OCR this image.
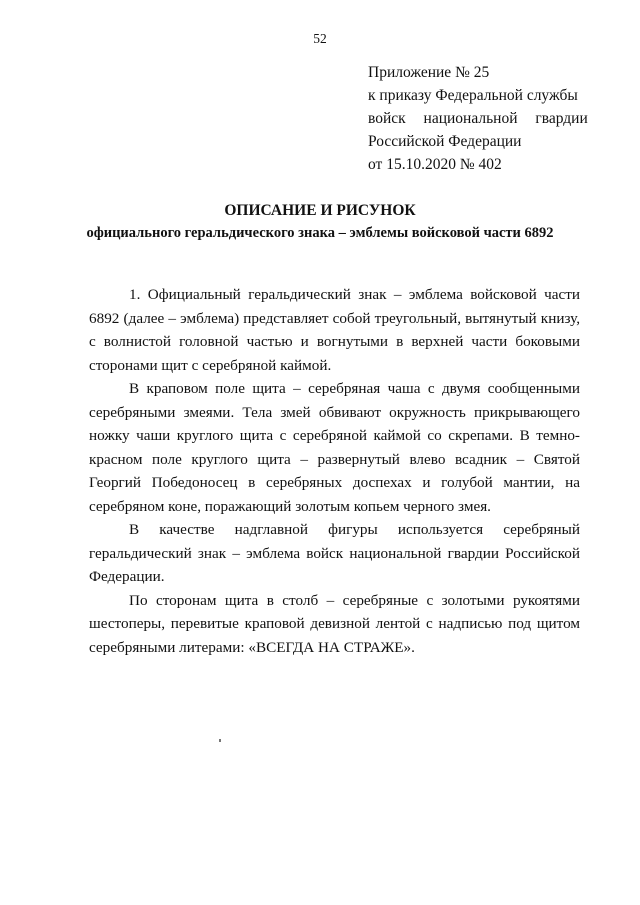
52
Приложение № 25
к приказу Федеральной службы
войск национальной гвардии
Российской Федерации
от 15.10.2020 № 402
ОПИСАНИЕ И РИСУНОК
официального геральдического знака – эмблемы войсковой части 6892

1. Официальный геральдический знак – эмблема войсковой части 6892 (далее – эмблема) представляет собой треугольный, вытянутый книзу, с волнистой головной частью и вогнутыми в верхней части боковыми сторонами щит с серебряной каймой.

В краповом поле щита – серебряная чаша с двумя сообщенными серебряными змеями. Тела змей обвивают окружность прикрывающего ножку чаши круглого щита с серебряной каймой со скрепами. В темно-красном поле круглого щита – развернутый влево всадник – Святой Георгий Победоносец в серебряных доспехах и голубой мантии, на серебряном коне, поражающий золотым копьем черного змея.

В качестве надглавной фигуры используется серебряный геральдический знак – эмблема войск национальной гвардии Российской Федерации.

По сторонам щита в столб – серебряные с золотыми рукоятями шестоперы, перевитые краповой девизной лентой с надписью под щитом серебряными литерами: «ВСЕГДА НА СТРАЖЕ».
